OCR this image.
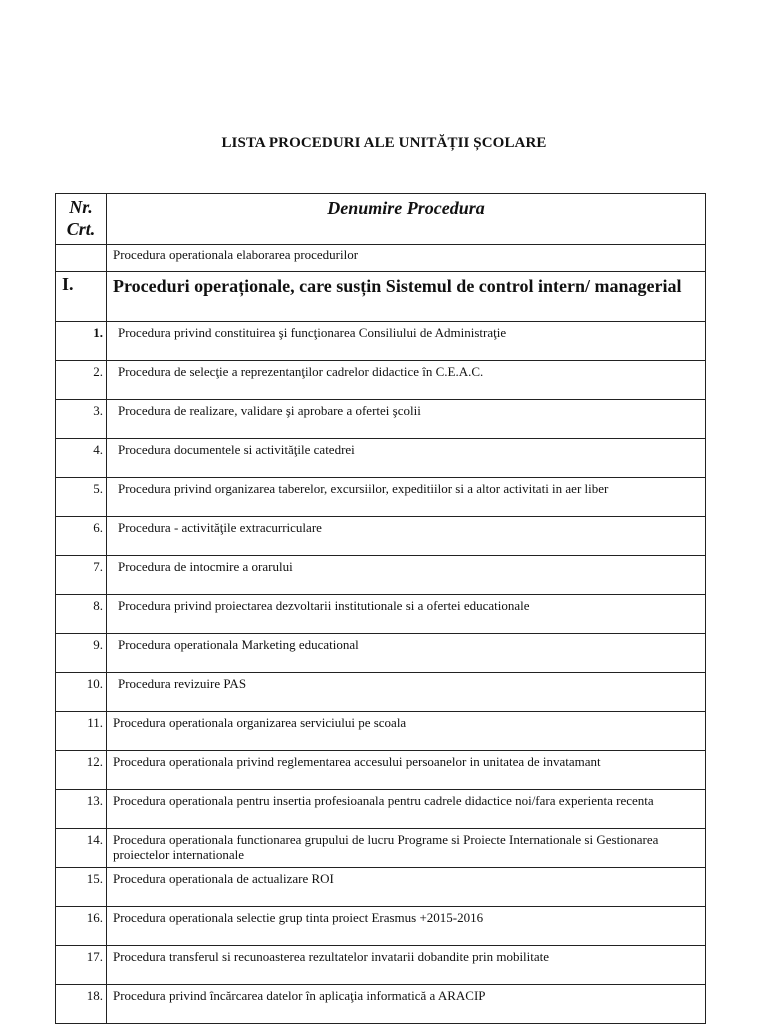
LISTA PROCEDURI ALE UNITĂȚII ȘCOLARE
Nr.
Crt.	Denumire Procedura
	Procedura operationala elaborarea procedurilor
I.	Proceduri operaționale, care susțin Sistemul de control intern/ managerial
1.	Procedura privind constituirea şi funcţionarea Consiliului de Administraţie
2.	Procedura de selecţie a reprezentanţilor cadrelor didactice în C.E.A.C.
3.	Procedura de realizare, validare şi aprobare a ofertei şcolii
4.	Procedura documentele si activităţile catedrei
5.	Procedura privind organizarea taberelor, excursiilor, expeditiilor si a altor activitati in aer liber
6.	Procedura - activităţile extracurriculare
7.	Procedura de intocmire a orarului
8.	Procedura privind proiectarea dezvoltarii institutionale si a ofertei educationale
9.	Procedura operationala Marketing educational
10.	Procedura revizuire PAS
11.	Procedura operationala organizarea serviciului pe scoala
12.	Procedura operationala privind reglementarea accesului persoanelor in unitatea de invatamant
13.	Procedura operationala pentru insertia profesioanala pentru cadrele didactice noi/fara experienta recenta
14.	Procedura operationala functionarea grupului de lucru Programe si Proiecte Internationale si Gestionarea proiectelor internationale
15.	Procedura operationala de actualizare ROI
16.	Procedura operationala selectie grup tinta proiect Erasmus +2015-2016
17.	Procedura transferul si recunoasterea rezultatelor invatarii dobandite prin mobilitate
18.	Procedura privind încărcarea datelor în aplicaţia informatică a ARACIP
